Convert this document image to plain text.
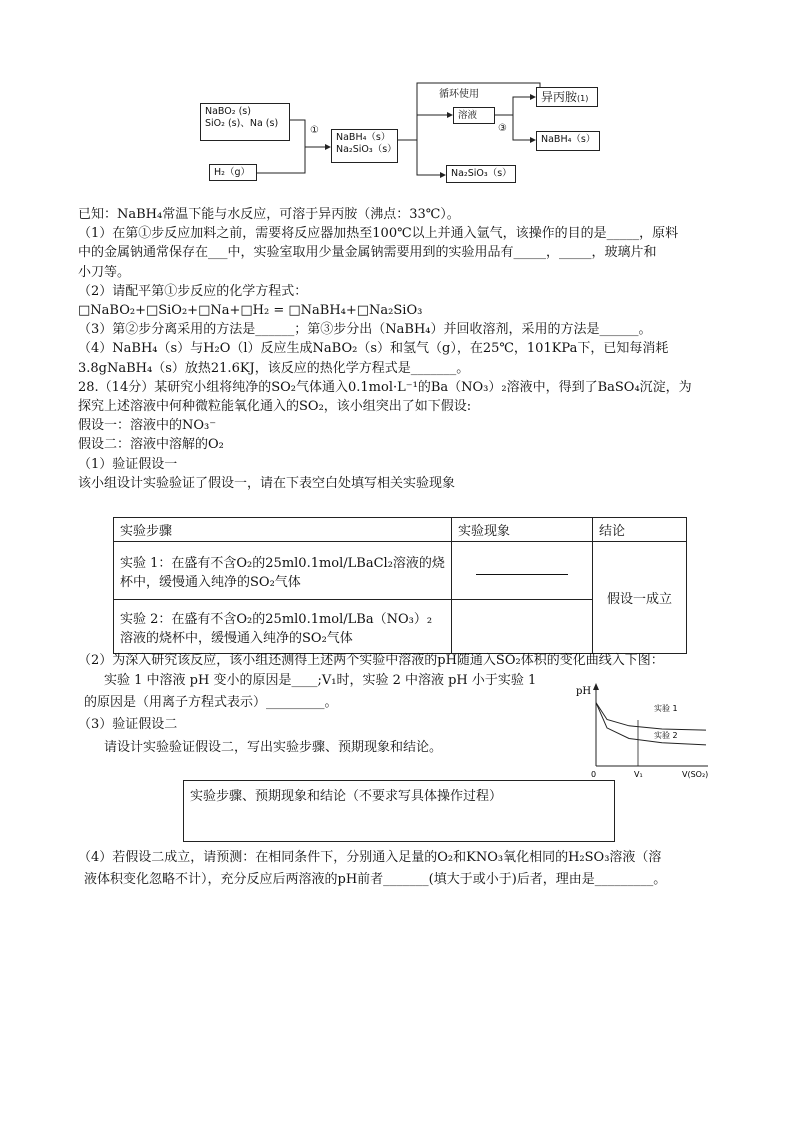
NaBO₂ (s)
SiO₂ (s)、Na (s)
H₂（g）
①
NaBH₄（s）
Na₂SiO₃（s）
循环使用
溶液
③
异丙胺(1)
NaBH₄（s）
Na₂SiO₃（s）

已知：NaBH₄常温下能与水反应，可溶于异丙胺（沸点：33℃）。

（1）在第①步反应加料之前，需要将反应器加热至100℃以上并通入氩气，该操作的目的是_____，原料

中的金属钠通常保存在___中，实验室取用少量金属钠需要用到的实验用品有_____，_____，玻璃片和

小刀等。

（2）请配平第①步反应的化学方程式：

□NaBO₂+□SiO₂+□Na+□H₂ = □NaBH₄+□Na₂SiO₃

（3）第②步分离采用的方法是______；第③步分出（NaBH₄）并回收溶剂，采用的方法是______。

（4）NaBH₄（s）与H₂O（l）反应生成NaBO₂（s）和氢气（g），在25℃，101KPa下，已知每消耗

3.8gNaBH₄（s）放热21.6KJ，该反应的热化学方程式是_______。

28.（14分）某研究小组将纯净的SO₂气体通入0.1mol·L⁻¹的Ba（NO₃）₂溶液中，得到了BaSO₄沉淀，为

探究上述溶液中何种微粒能氧化通入的SO₂，该小组突出了如下假设:

假设一：溶液中的NO₃⁻

假设二：溶液中溶解的O₂

（1）验证假设一

该小组设计实验验证了假设一，请在下表空白处填写相关实验现象

实验步骤	实验现象	结论
实验 1：在盛有不含O₂的25ml0.1mol/LBaCl₂溶液的烧杯中，缓慢通入纯净的SO₂气体		假设一成立
实验 2：在盛有不含O₂的25ml0.1mol/LBa（NO₃）₂溶液的烧杯中，缓慢通入纯净的SO₂气体		
（2）为深入研究该反应，该小组还测得上述两个实验中溶液的pH随通入SO₂体积的变化曲线入下图：
实验 1 中溶液 pH 变小的原因是____;V₁时，实验 2 中溶液 pH 小于实验 1
的原因是（用离子方程式表示）_________。
（3）验证假设二
请设计实验验证假设二，写出实验步骤、预期现象和结论。
pH
V(SO₂)
0	V₁
实验 1
实验 2
实验步骤、预期现象和结论（不要求写具体操作过程）
（4）若假设二成立，请预测：在相同条件下，分别通入足量的O₂和KNO₃氧化相同的H₂SO₃溶液（溶
液体积变化忽略不计），充分反应后两溶液的pH前者_______(填大于或小于)后者，理由是_________。
